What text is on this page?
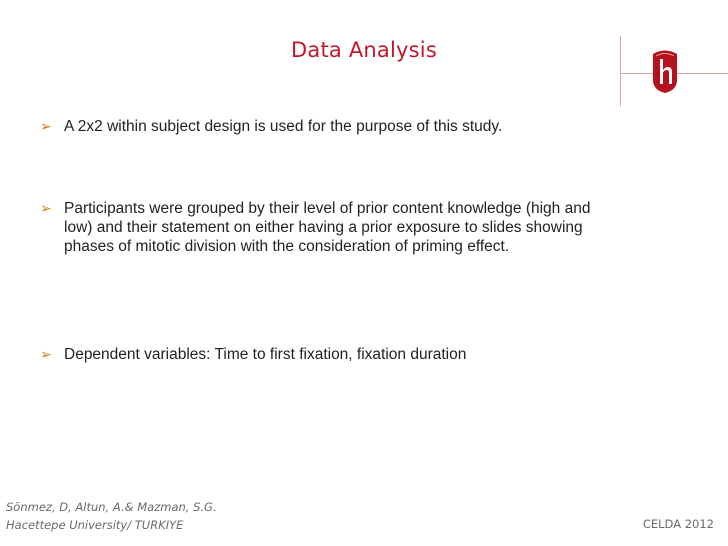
Data Analysis
➢ A 2x2 within subject design is used for the purpose of this study.
➢ Participants were grouped by their level of prior content knowledge (high and low) and their statement on either having a prior exposure to slides showing phases of mitotic division with the consideration of priming effect.
➢ Dependent variables: Time to first fixation, fixation duration
Sönmez, D, Altun, A.& Mazman, S.G.
Hacettepe University/ TURKIYE	CELDA 2012
